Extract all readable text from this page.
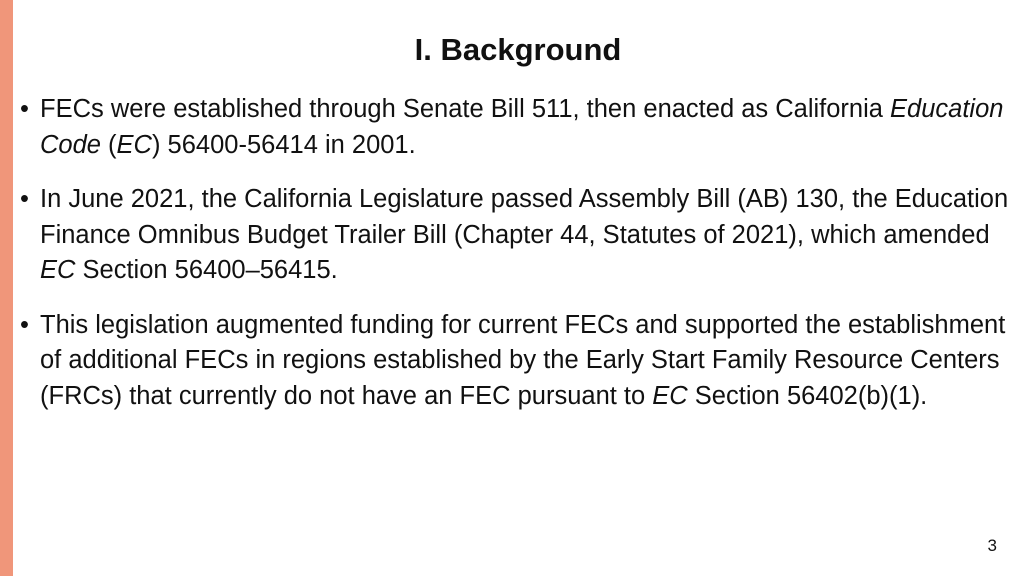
I. Background
• FECs were established through Senate Bill 511, then enacted as California Education Code (EC) 56400-56414 in 2001.
• In June 2021, the California Legislature passed Assembly Bill (AB) 130, the Education Finance Omnibus Budget Trailer Bill (Chapter 44, Statutes of 2021), which amended EC Section 56400–56415.
• This legislation augmented funding for current FECs and supported the establishment of additional FECs in regions established by the Early Start Family Resource Centers (FRCs) that currently do not have an FEC pursuant to EC Section 56402(b)(1).
3
